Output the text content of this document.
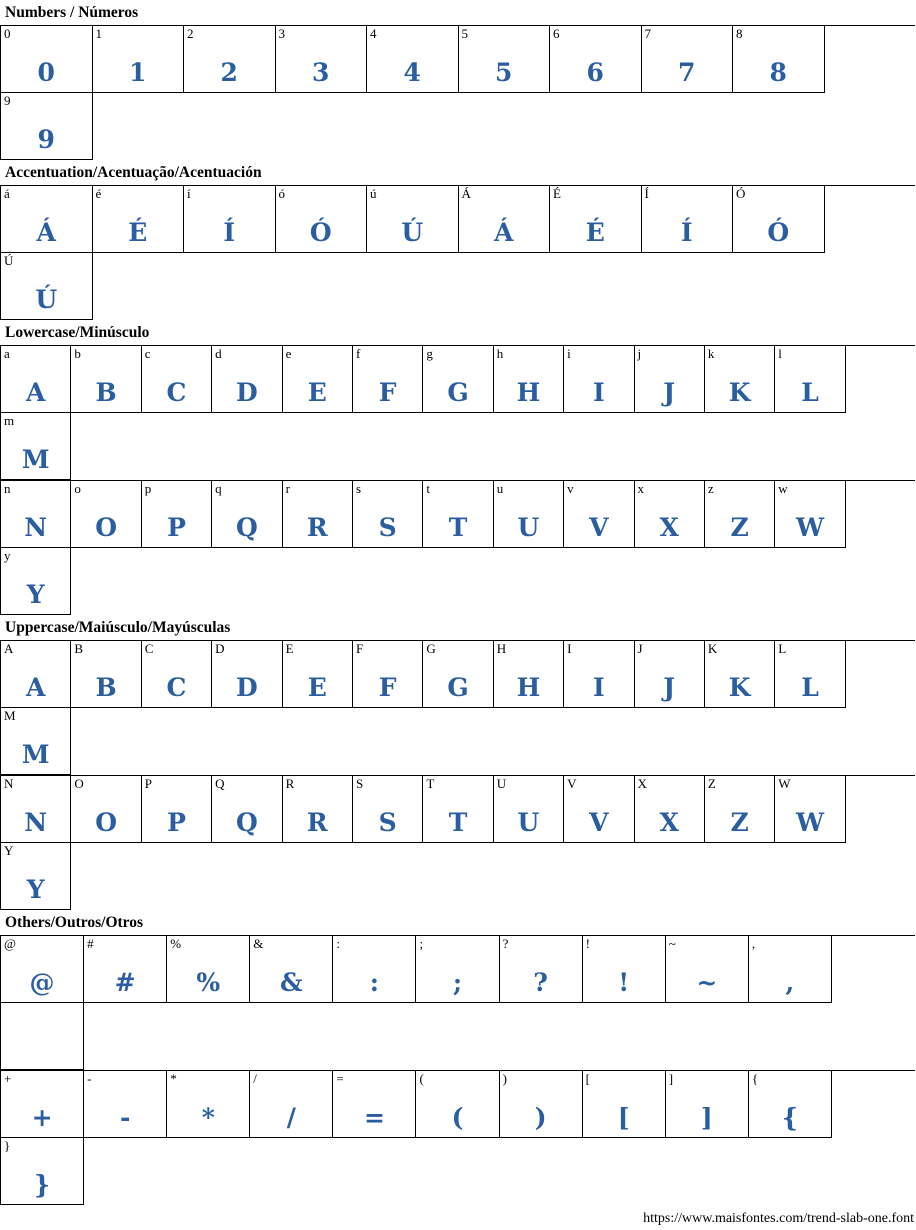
Numbers / Números
0
0
1
1
2
2
3
3
4
4
5
5
6
6
7
7
8
8
9
9
Accentuation/Acentuação/Acentuación
á
Á
é
É
í
Í
ó
Ó
ú
Ú
Á
Á
É
É
Í
Í
Ó
Ó
Ú
Ú
Lowercase/Minúsculo
a
A
b
B
c
C
d
D
e
E
f
F
g
G
h
H
i
I
j
J
k
K
l
L
m
M
n
N
o
O
p
P
q
Q
r
R
s
S
t
T
u
U
v
V
x
X
z
Z
w
W
y
Y
Uppercase/Maiúsculo/Mayúsculas
A
A
B
B
C
C
D
D
E
E
F
F
G
G
H
H
I
I
J
J
K
K
L
L
M
M
N
N
O
O
P
P
Q
Q
R
R
S
S
T
T
U
U
V
V
X
X
Z
Z
W
W
Y
Y
Others/Outros/Otros
@
@
#
#
%
%
&
&
:
:
;
;
?
?
!
!
~
~
,
,
+
+
-
-
*
*
/
/
=
=
(
(
)
)
[
[
]
]
{
{
}
}
https://www.maisfontes.com/trend-slab-one.font
